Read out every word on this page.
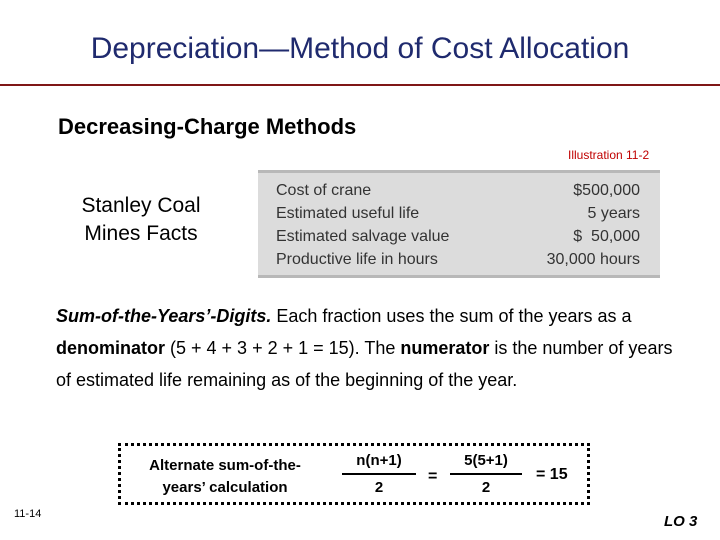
Depreciation—Method of Cost Allocation
Decreasing-Charge Methods
Illustration 11-2
Stanley Coal
Mines Facts
Cost of crane	$500,000
Estimated useful life	5 years
Estimated salvage value	$  50,000
Productive life in hours	30,000 hours
Sum-of-the-Years’-Digits. Each fraction uses the sum of the years as a denominator (5 + 4 + 3 + 2 + 1 = 15). The numerator is the number of years of estimated life remaining as of the beginning of the year.
Alternate sum-of-the-
years’ calculation
n(n+1)
2
=
5(5+1)
2
= 15
11-14	LO 3
